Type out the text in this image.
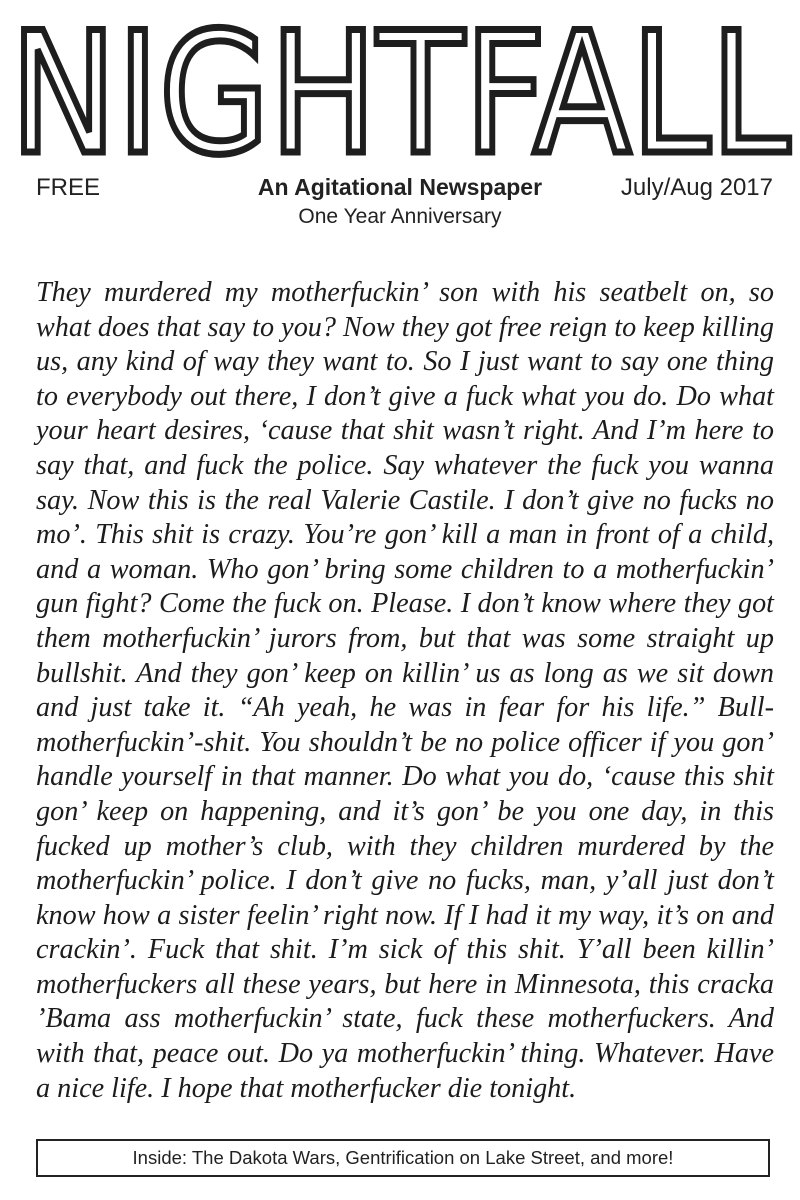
NIGHTFALL
FREE	An Agitational Newspaper	July/Aug 2017
One Year Anniversary

They murdered my motherfuckin’ son with his seatbelt on, so what does that say to you? Now they got free reign to keep killing us, any kind of way they want to. So I just want to say one thing to everybody out there, I don’t give a fuck what you do. Do what your heart desires, ‘cause that shit wasn’t right. And I’m here to say that, and fuck the police. Say whatever the fuck you wanna say. Now this is the real Valerie Castile. I don’t give no fucks no mo’. This shit is crazy. You’re gon’ kill a man in front of a child, and a woman. Who gon’ bring some children to a motherfuckin’ gun fight? Come the fuck on. Please. I don’t know where they got them motherfuckin’ jurors from, but that was some straight up bullshit. And they gon’ keep on killin’ us as long as we sit down and just take it. “Ah yeah, he was in fear for his life.” Bull-motherfuckin’-shit. You shouldn’t be no police officer if you gon’ handle yourself in that manner. Do what you do, ‘cause this shit gon’ keep on happening, and it’s gon’ be you one day, in this fucked up mother’s club, with they children murdered by the motherfuckin’ police. I don’t give no fucks, man, y’all just don’t know how a sister feelin’ right now. If I had it my way, it’s on and crackin’. Fuck that shit. I’m sick of this shit. Y’all been killin’ motherfuckers all these years, but here in Minnesota, this cracka ’Bama ass motherfuckin’ state, fuck these motherfuckers. And with that, peace out. Do ya motherfuckin’ thing. Whatever. Have a nice life. I hope that motherfucker die tonight.

Inside: The Dakota Wars, Gentrification on Lake Street, and more!
